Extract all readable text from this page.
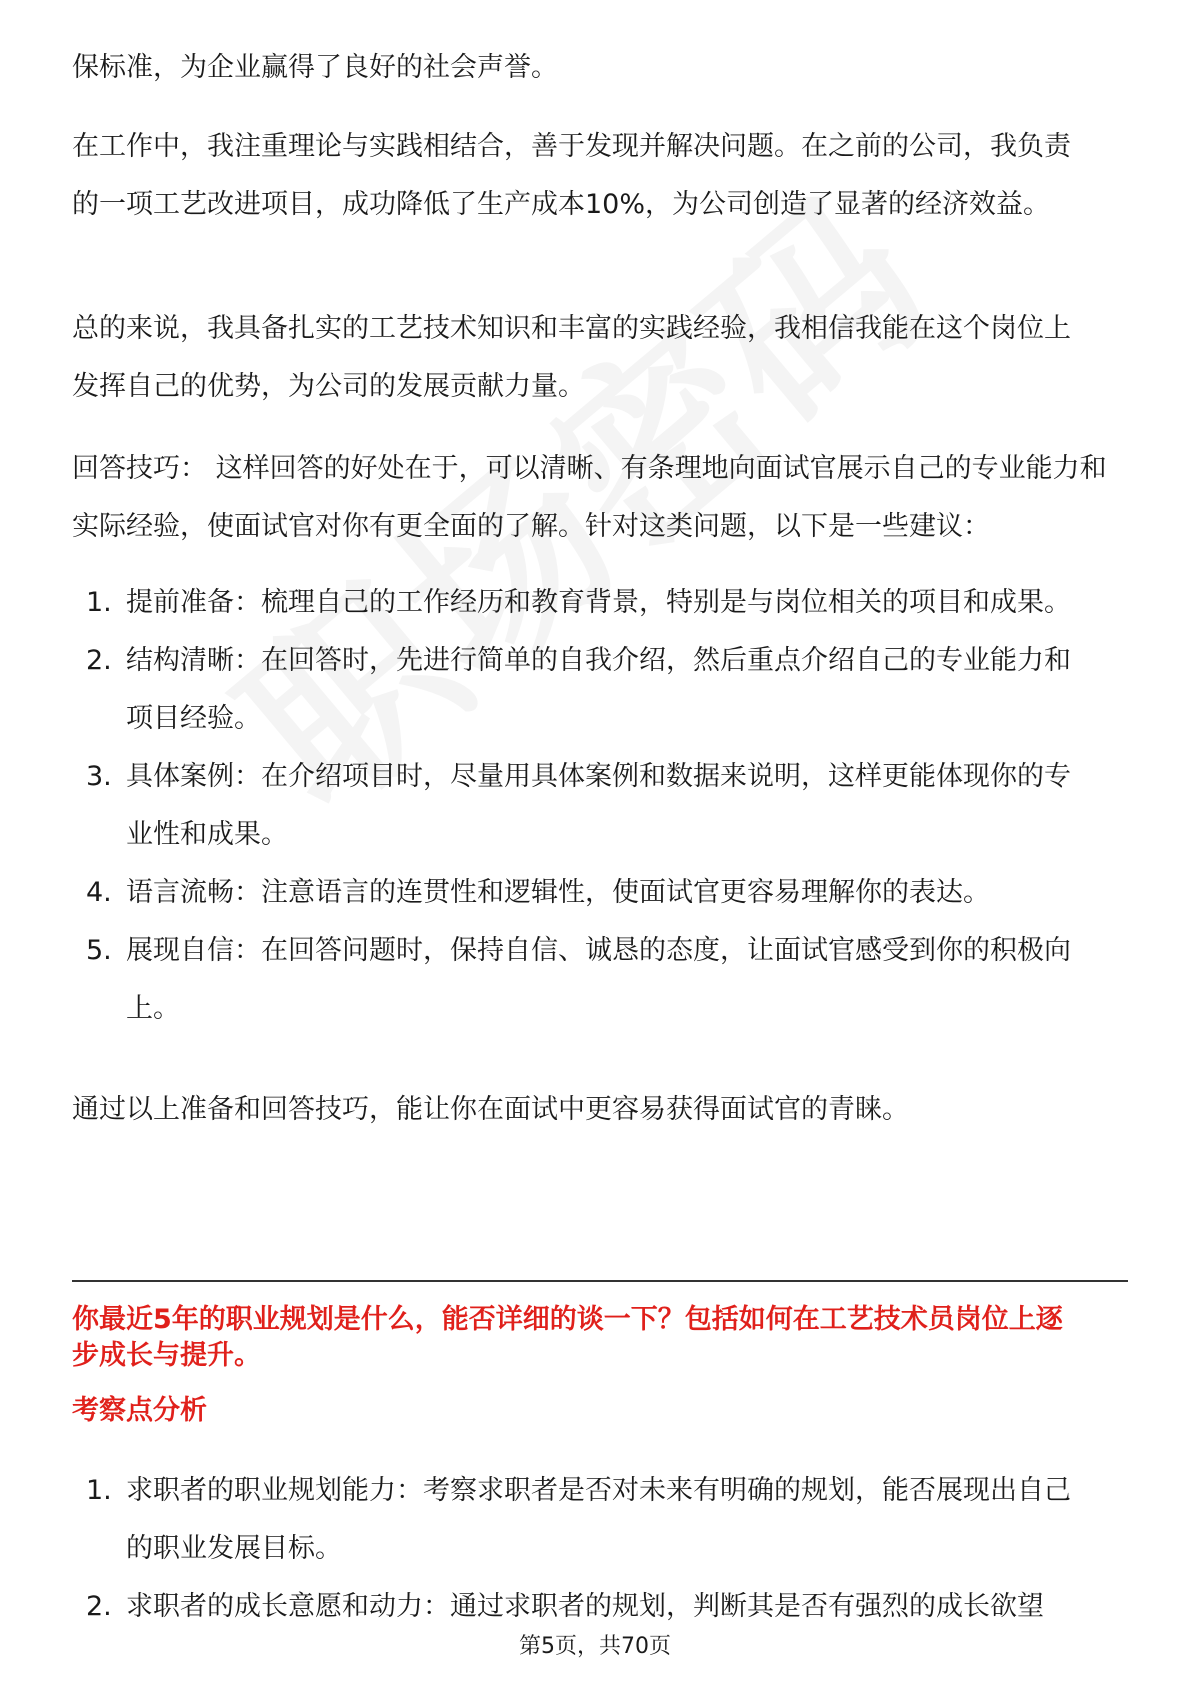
保标准，为企业赢得了良好的社会声誉。

在工作中，我注重理论与实践相结合，善于发现并解决问题。在之前的公司，我负责的一项工艺改进项目，成功降低了生产成本10%，为公司创造了显著的经济效益。

总的来说，我具备扎实的工艺技术知识和丰富的实践经验，我相信我能在这个岗位上发挥自己的优势，为公司的发展贡献力量。

回答技巧： 这样回答的好处在于，可以清晰、有条理地向面试官展示自己的专业能力和实际经验，使面试官对你有更全面的了解。针对这类问题，以下是一些建议：

1. 提前准备：梳理自己的工作经历和教育背景，特别是与岗位相关的项目和成果。
2. 结构清晰：在回答时，先进行简单的自我介绍，然后重点介绍自己的专业能力和项目经验。
3. 具体案例：在介绍项目时，尽量用具体案例和数据来说明，这样更能体现你的专业性和成果。
4. 语言流畅：注意语言的连贯性和逻辑性，使面试官更容易理解你的表达。
5. 展现自信：在回答问题时，保持自信、诚恳的态度，让面试官感受到你的积极向上。

通过以上准备和回答技巧，能让你在面试中更容易获得面试官的青睐。

你最近5年的职业规划是什么，能否详细的谈一下？包括如何在工艺技术员岗位上逐步成长与提升。

考察点分析

1. 求职者的职业规划能力：考察求职者是否对未来有明确的规划，能否展现出自己的职业发展目标。
2. 求职者的成长意愿和动力：通过求职者的规划，判断其是否有强烈的成长欲望
第5页，共70页
